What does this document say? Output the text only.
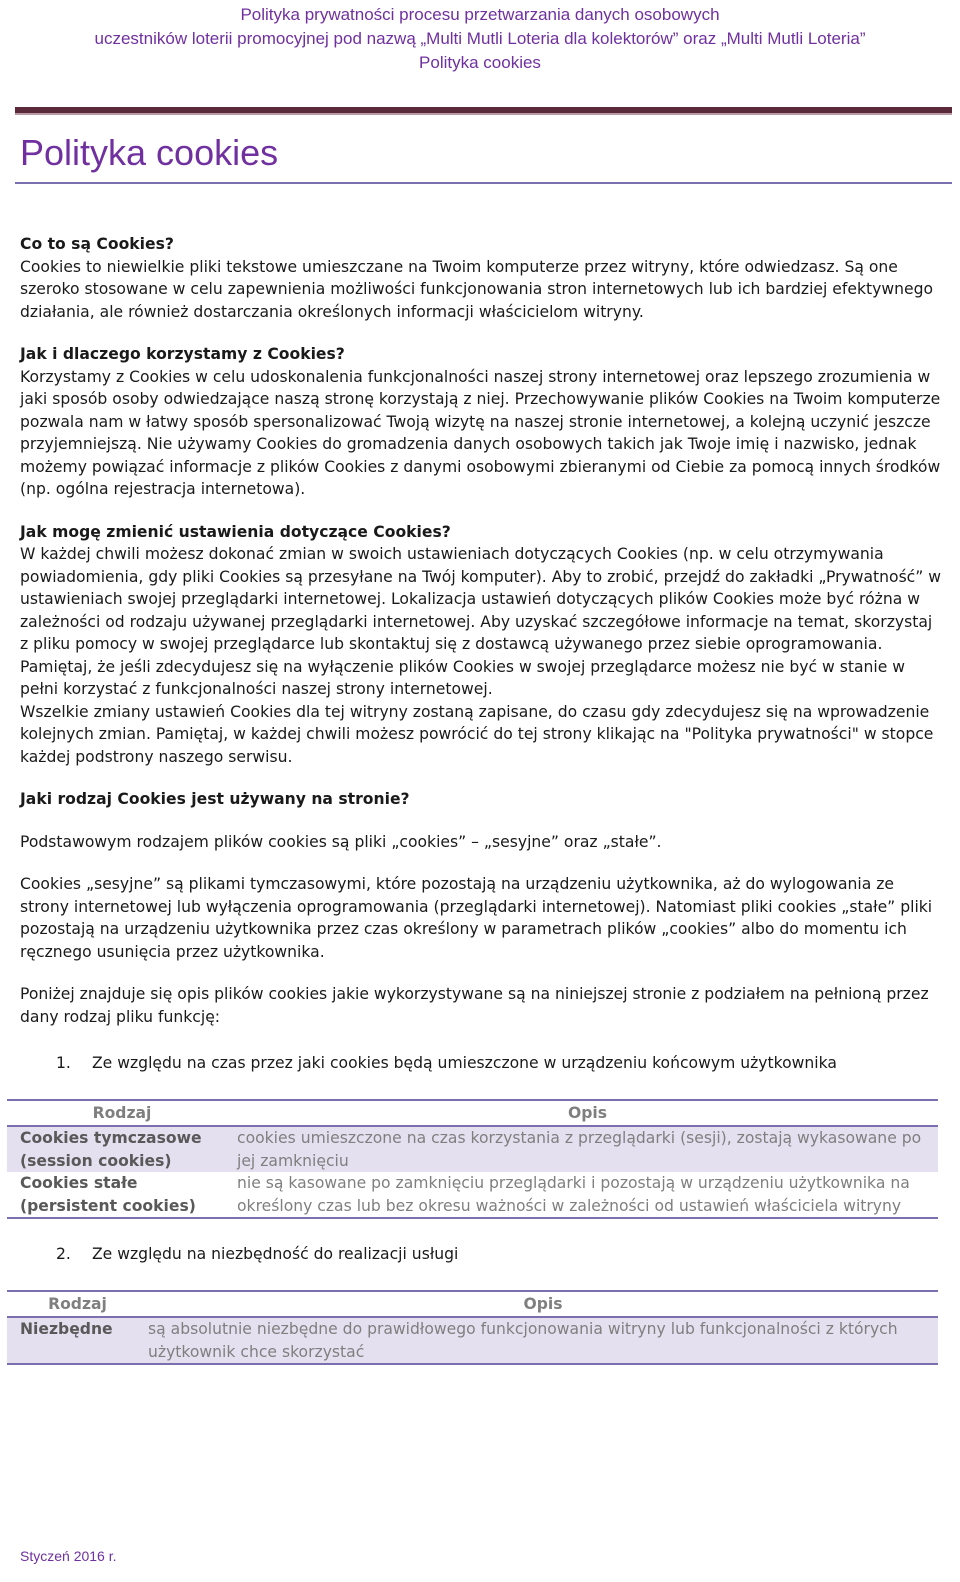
Polityka prywatności procesu przetwarzania danych osobowych
uczestników loterii promocyjnej pod nazwą „Multi Mutli Loteria dla kolektorów” oraz „Multi Mutli Loteria”
Polityka cookies
Polityka cookies
Co to są Cookies?

Cookies to niewielkie pliki tekstowe umieszczane na Twoim komputerze przez witryny, które odwiedzasz. Są one szeroko stosowane w celu zapewnienia możliwości funkcjonowania stron internetowych lub ich bardziej efektywnego działania, ale również dostarczania określonych informacji właścicielom witryny.

Jak i dlaczego korzystamy z Cookies?

Korzystamy z Cookies w celu udoskonalenia funkcjonalności naszej strony internetowej oraz lepszego zrozumienia w jaki sposób osoby odwiedzające naszą stronę korzystają z niej. Przechowywanie plików Cookies na Twoim komputerze pozwala nam w łatwy sposób spersonalizować Twoją wizytę na naszej stronie internetowej, a kolejną uczynić jeszcze przyjemniejszą. Nie używamy Cookies do gromadzenia danych osobowych takich jak Twoje imię i nazwisko, jednak możemy powiązać informacje z plików Cookies z danymi osobowymi zbieranymi od Ciebie za pomocą innych środków (np. ogólna rejestracja internetowa).

Jak mogę zmienić ustawienia dotyczące Cookies?

W każdej chwili możesz dokonać zmian w swoich ustawieniach dotyczących Cookies (np. w celu otrzymywania powiadomienia, gdy pliki Cookies są przesyłane na Twój komputer). Aby to zrobić, przejdź do zakładki „Prywatność” w ustawieniach swojej przeglądarki internetowej. Lokalizacja ustawień dotyczących plików Cookies może być różna w zależności od rodzaju używanej przeglądarki internetowej. Aby uzyskać szczegółowe informacje na temat, skorzystaj z pliku pomocy w swojej przeglądarce lub skontaktuj się z dostawcą używanego przez siebie oprogramowania.

Pamiętaj, że jeśli zdecydujesz się na wyłączenie plików Cookies w swojej przeglądarce możesz nie być w stanie w pełni korzystać z funkcjonalności naszej strony internetowej.

Wszelkie zmiany ustawień Cookies dla tej witryny zostaną zapisane, do czasu gdy zdecydujesz się na wprowadzenie kolejnych zmian. Pamiętaj, w każdej chwili możesz powrócić do tej strony klikając na "Polityka prywatności" w stopce każdej podstrony naszego serwisu.

Jaki rodzaj Cookies jest używany na stronie?

Podstawowym rodzajem plików cookies są pliki „cookies” – „sesyjne” oraz „stałe”.

Cookies „sesyjne” są plikami tymczasowymi, które pozostają na urządzeniu użytkownika, aż do wylogowania ze strony internetowej lub wyłączenia oprogramowania (przeglądarki internetowej). Natomiast pliki cookies „stałe” pliki pozostają na urządzeniu użytkownika przez czas określony w parametrach plików „cookies” albo do momentu ich ręcznego usunięcia przez użytkownika.

Poniżej znajduje się opis plików cookies jakie wykorzystywane są na niniejszej stronie z podziałem na pełnioną przez dany rodzaj pliku funkcję:

1.	Ze względu na czas przez jaki cookies będą umieszczone w urządzeniu końcowym użytkownika
Rodzaj	Opis
Cookies tymczasowe (session cookies)	cookies umieszczone na czas korzystania z przeglądarki (sesji), zostają wykasowane po jej zamknięciu
Cookies stałe (persistent cookies)	nie są kasowane po zamknięciu przeglądarki i pozostają w urządzeniu użytkownika na określony czas lub bez okresu ważności w zależności od ustawień właściciela witryny
2.	Ze względu na niezbędność do realizacji usługi
Rodzaj	Opis
Niezbędne	są absolutnie niezbędne do prawidłowego funkcjonowania witryny lub funkcjonalności z których użytkownik chce skorzystać
Styczeń 2016 r.
